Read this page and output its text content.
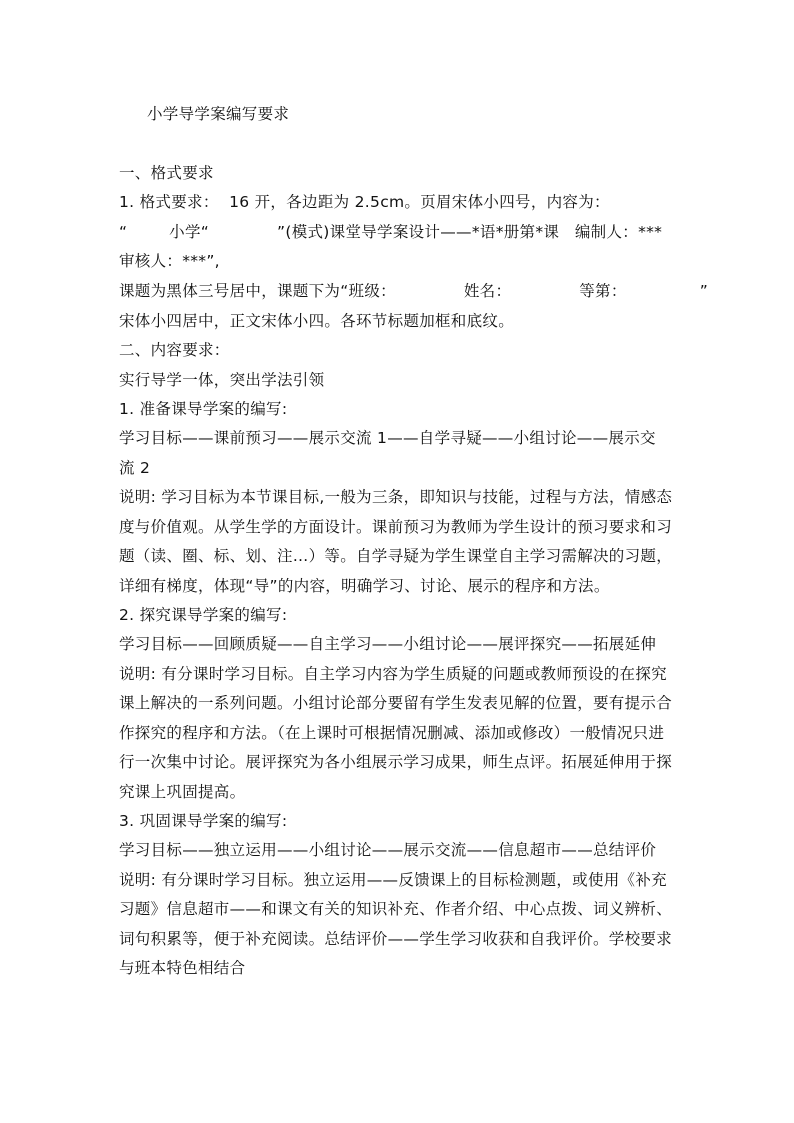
小学导学案编写要求
一、格式要求
1. 格式要求：  16 开，各边距为 2.5cm。页眉宋体小四号，内容为：
“        小学“             ”(模式)课堂导学案设计——*语*册第*课   编制人：***
审核人：***”,
课题为黑体三号居中，课题下为“班级：             姓名：             等第：              ”
宋体小四居中，正文宋体小四。各环节标题加框和底纹。
二、内容要求：
实行导学一体，突出学法引领
1. 准备课导学案的编写:
学习目标——课前预习——展示交流 1——自学寻疑——小组讨论——展示交
流 2
说明: 学习目标为本节课目标,一般为三条，即知识与技能，过程与方法，情感态
度与价值观。从学生学的方面设计。课前预习为教师为学生设计的预习要求和习
题（读、圈、标、划、注…）等。自学寻疑为学生课堂自主学习需解决的习题，
详细有梯度，体现“导”的内容，明确学习、讨论、展示的程序和方法。
2. 探究课导学案的编写:
学习目标——回顾质疑——自主学习——小组讨论——展评探究——拓展延伸
说明: 有分课时学习目标。自主学习内容为学生质疑的问题或教师预设的在探究
课上解决的一系列问题。小组讨论部分要留有学生发表见解的位置，要有提示合
作探究的程序和方法。（在上课时可根据情况删减、添加或修改）一般情况只进
行一次集中讨论。展评探究为各小组展示学习成果，师生点评。拓展延伸用于探
究课上巩固提高。
3. 巩固课导学案的编写:
学习目标——独立运用——小组讨论——展示交流——信息超市——总结评价
说明: 有分课时学习目标。独立运用——反馈课上的目标检测题，或使用《补充
习题》信息超市——和课文有关的知识补充、作者介绍、中心点拨、词义辨析、
词句积累等，便于补充阅读。总结评价——学生学习收获和自我评价。学校要求
与班本特色相结合
